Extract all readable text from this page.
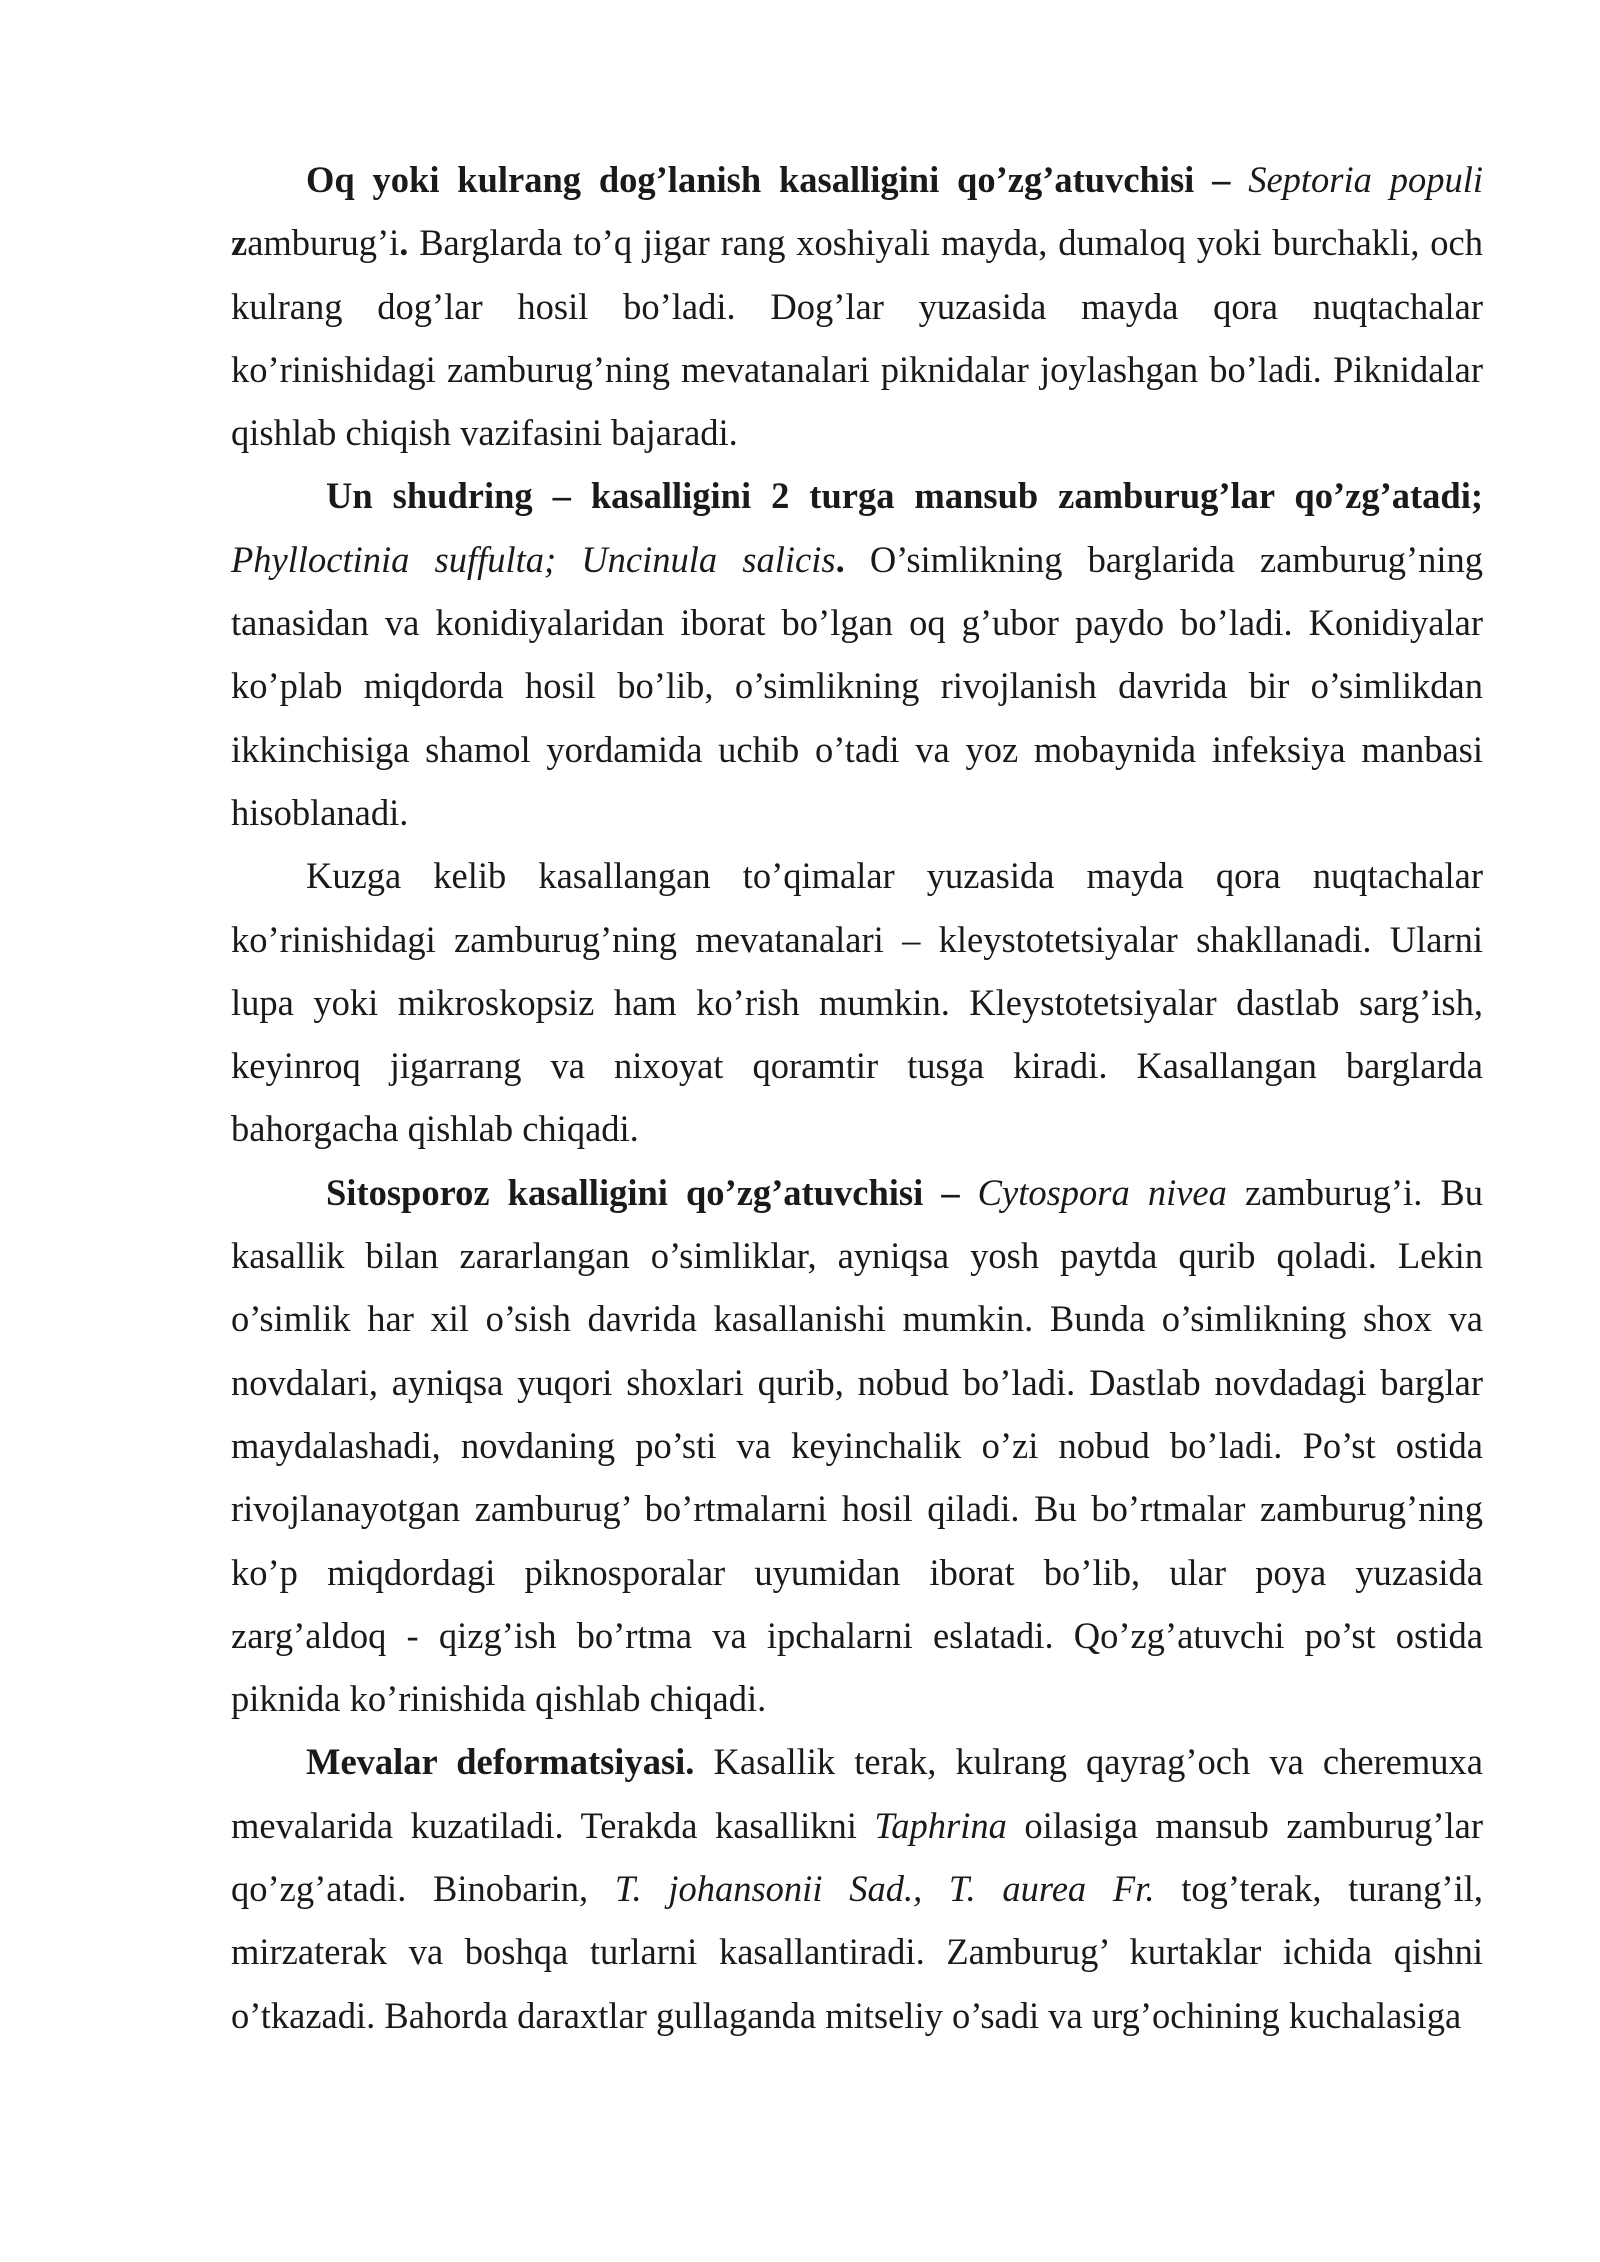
Oq yoki kulrang dog’lanish kasalligini qo’zg’atuvchisi – Septoria populi zamburug’i. Barglarda to’q jigar rang xoshiyali mayda, dumaloq yoki burchakli, och kulrang dog’lar hosil bo’ladi. Dog’lar yuzasida mayda qora nuqtachalar ko’rinishidagi zamburug’ning mevatanalari piknidalar joylashgan bo’ladi. Piknidalar qishlab chiqish vazifasini bajaradi.

Un shudring – kasalligini 2 turga mansub zamburug’lar qo’zg’atadi; Phylloctinia suffulta; Uncinula salicis. O’simlikning barglarida zamburug’ning tanasidan va konidiyalaridan iborat bo’lgan oq g’ubor paydo bo’ladi. Konidiyalar ko’plab miqdorda hosil bo’lib, o’simlikning rivojlanish davrida bir o’simlikdan ikkinchisiga shamol yordamida uchib o’tadi va yoz mobaynida infeksiya manbasi hisoblanadi.

Kuzga kelib kasallangan to’qimalar yuzasida mayda qora nuqtachalar ko’rinishidagi zamburug’ning mevatanalari – kleystotetsiyalar shakllanadi. Ularni lupa yoki mikroskopsiz ham ko’rish mumkin. Kleystotetsiyalar dastlab sarg’ish, keyinroq jigarrang va nixoyat qoramtir tusga kiradi. Kasallangan barglarda bahorgacha qishlab chiqadi.

Sitosporoz kasalligini qo’zg’atuvchisi – Cytospora nivea zamburug’i. Bu kasallik bilan zararlangan o’simliklar, ayniqsa yosh paytda qurib qoladi. Lekin o’simlik har xil o’sish davrida kasallanishi mumkin. Bunda o’simlikning shox va novdalari, ayniqsa yuqori shoxlari qurib, nobud bo’ladi. Dastlab novdadagi barglar maydalashadi, novdaning po’sti va keyinchalik o’zi nobud bo’ladi. Po’st ostida rivojlanayotgan zamburug’ bo’rtmalarni hosil qiladi. Bu bo’rtmalar zamburug’ning ko’p miqdordagi piknosporalar uyumidan iborat bo’lib, ular poya yuzasida zarg’aldoq - qizg’ish bo’rtma va ipchalarni eslatadi. Qo’zg’atuvchi po’st ostida piknida ko’rinishida qishlab chiqadi.

Mevalar deformatsiyasi. Kasallik terak, kulrang qayrag’och va cheremuxa mevalarida kuzatiladi. Terakda kasallikni Taphrina oilasiga mansub zamburug’lar qo’zg’atadi. Binobarin, T. johansonii Sad., T. aurea Fr. tog’terak, turang’il, mirzaterak va boshqa turlarni kasallantiradi. Zamburug’ kurtaklar ichida qishni o’tkazadi. Bahorda daraxtlar gullaganda mitseliy o’sadi va urg’ochining kuchalasiga
